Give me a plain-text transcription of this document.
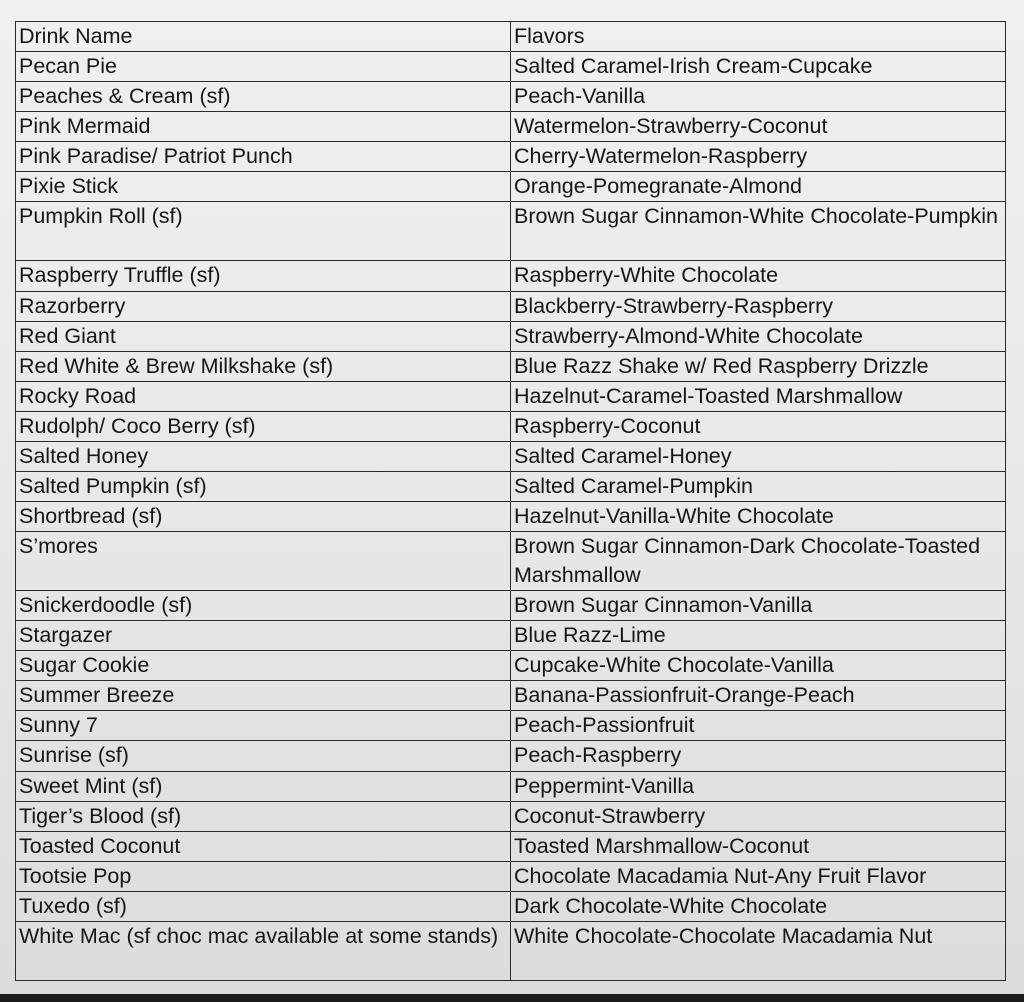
Drink Name	Flavors
Pecan Pie	Salted Caramel-Irish Cream-Cupcake
Peaches & Cream (sf)	Peach-Vanilla
Pink Mermaid	Watermelon-Strawberry-Coconut
Pink Paradise/ Patriot Punch	Cherry-Watermelon-Raspberry
Pixie Stick	Orange-Pomegranate-Almond
Pumpkin Roll (sf)	Brown Sugar Cinnamon-White Chocolate-Pumpkin
Raspberry Truffle (sf)	Raspberry-White Chocolate
Razorberry	Blackberry-Strawberry-Raspberry
Red Giant	Strawberry-Almond-White Chocolate
Red White & Brew Milkshake (sf)	Blue Razz Shake w/ Red Raspberry Drizzle
Rocky Road	Hazelnut-Caramel-Toasted Marshmallow
Rudolph/ Coco Berry (sf)	Raspberry-Coconut
Salted Honey	Salted Caramel-Honey
Salted Pumpkin (sf)	Salted Caramel-Pumpkin
Shortbread (sf)	Hazelnut-Vanilla-White Chocolate
S’mores	Brown Sugar Cinnamon-Dark Chocolate-Toasted Marshmallow
Snickerdoodle (sf)	Brown Sugar Cinnamon-Vanilla
Stargazer	Blue Razz-Lime
Sugar Cookie	Cupcake-White Chocolate-Vanilla
Summer Breeze	Banana-Passionfruit-Orange-Peach
Sunny 7	Peach-Passionfruit
Sunrise (sf)	Peach-Raspberry
Sweet Mint (sf)	Peppermint-Vanilla
Tiger’s Blood (sf)	Coconut-Strawberry
Toasted Coconut	Toasted Marshmallow-Coconut
Tootsie Pop	Chocolate Macadamia Nut-Any Fruit Flavor
Tuxedo (sf)	Dark Chocolate-White Chocolate
White Mac (sf choc mac available at some stands)	White Chocolate-Chocolate Macadamia Nut
